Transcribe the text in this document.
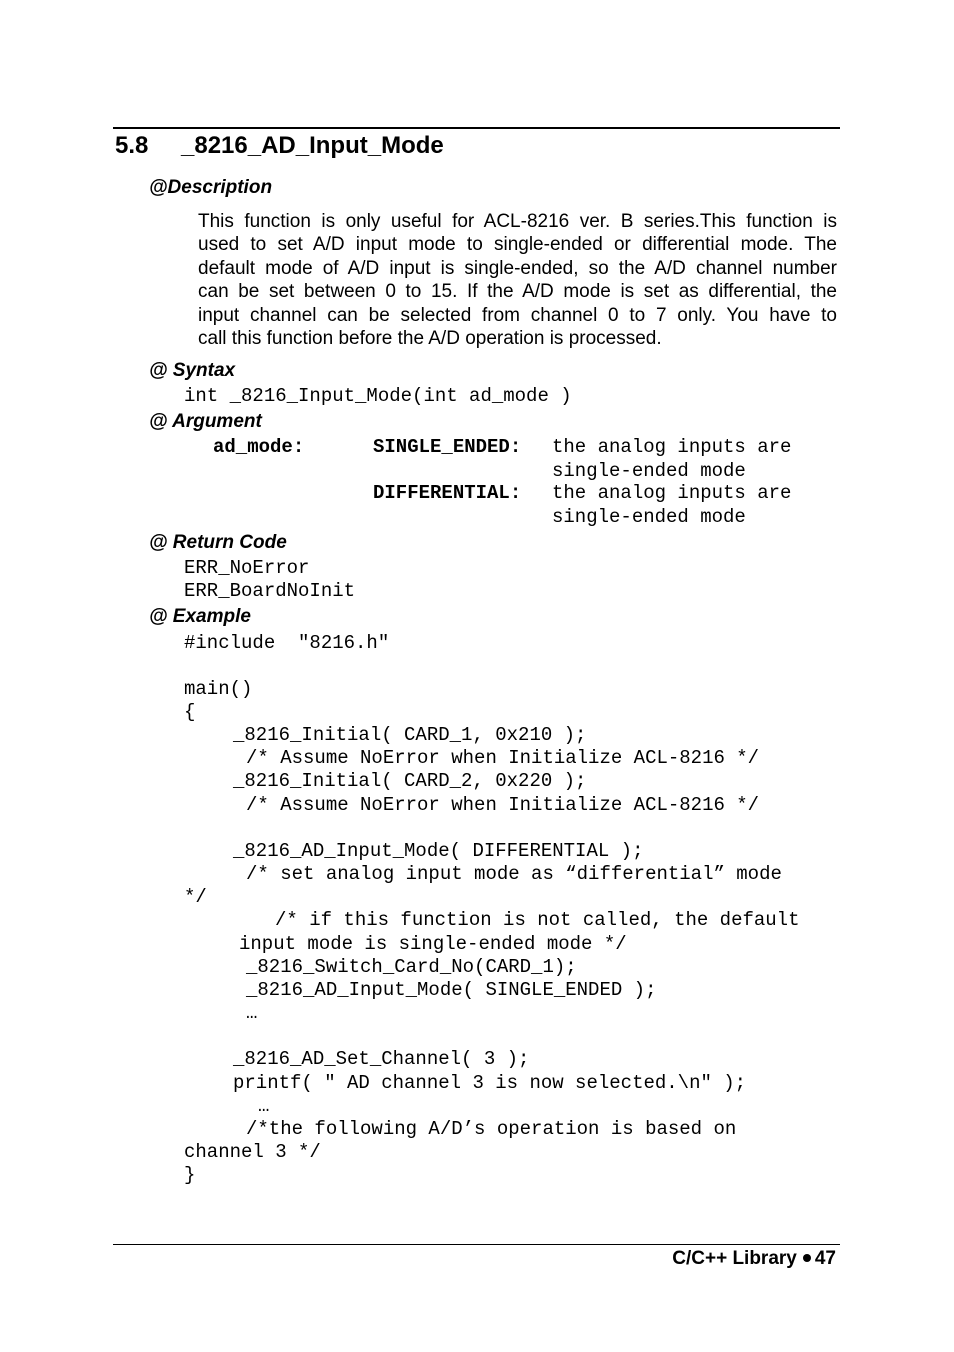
5.8 _8216_AD_Input_Mode
@Description
This function is only useful for ACL-8216 ver. B series.This function is
used to set A/D input mode to single-ended or differential mode. The
default mode of A/D input is single-ended, so the A/D channel number
can be set between 0 to 15. If the A/D mode is set as differential, the
input channel can be selected from channel 0 to 7 only. You have to
call this function before the A/D operation is processed.
@ Syntax
int _8216_Input_Mode(int ad_mode )
@ Argument
ad_mode:	SINGLE_ENDED: the analog inputs are
single-ended mode
DIFFERENTIAL: the analog inputs are
single-ended mode
@ Return Code
ERR_NoError
ERR_BoardNoInit
@ Example
#include  "8216.h"
main()
{
_8216_Initial( CARD_1, 0x210 );
/* Assume NoError when Initialize ACL-8216 */
_8216_Initial( CARD_2, 0x220 );
/* Assume NoError when Initialize ACL-8216 */
_8216_AD_Input_Mode( DIFFERENTIAL );
/* set analog input mode as “differential” mode
*/
/* if this function is not called, the default
input mode is single-ended mode */
_8216_Switch_Card_No(CARD_1);
_8216_AD_Input_Mode( SINGLE_ENDED );
…
_8216_AD_Set_Channel( 3 );
printf( " AD channel 3 is now selected.\n" );
…
/*the following A/D’s operation is based on
channel 3 */
}
C/C++ Library 47
